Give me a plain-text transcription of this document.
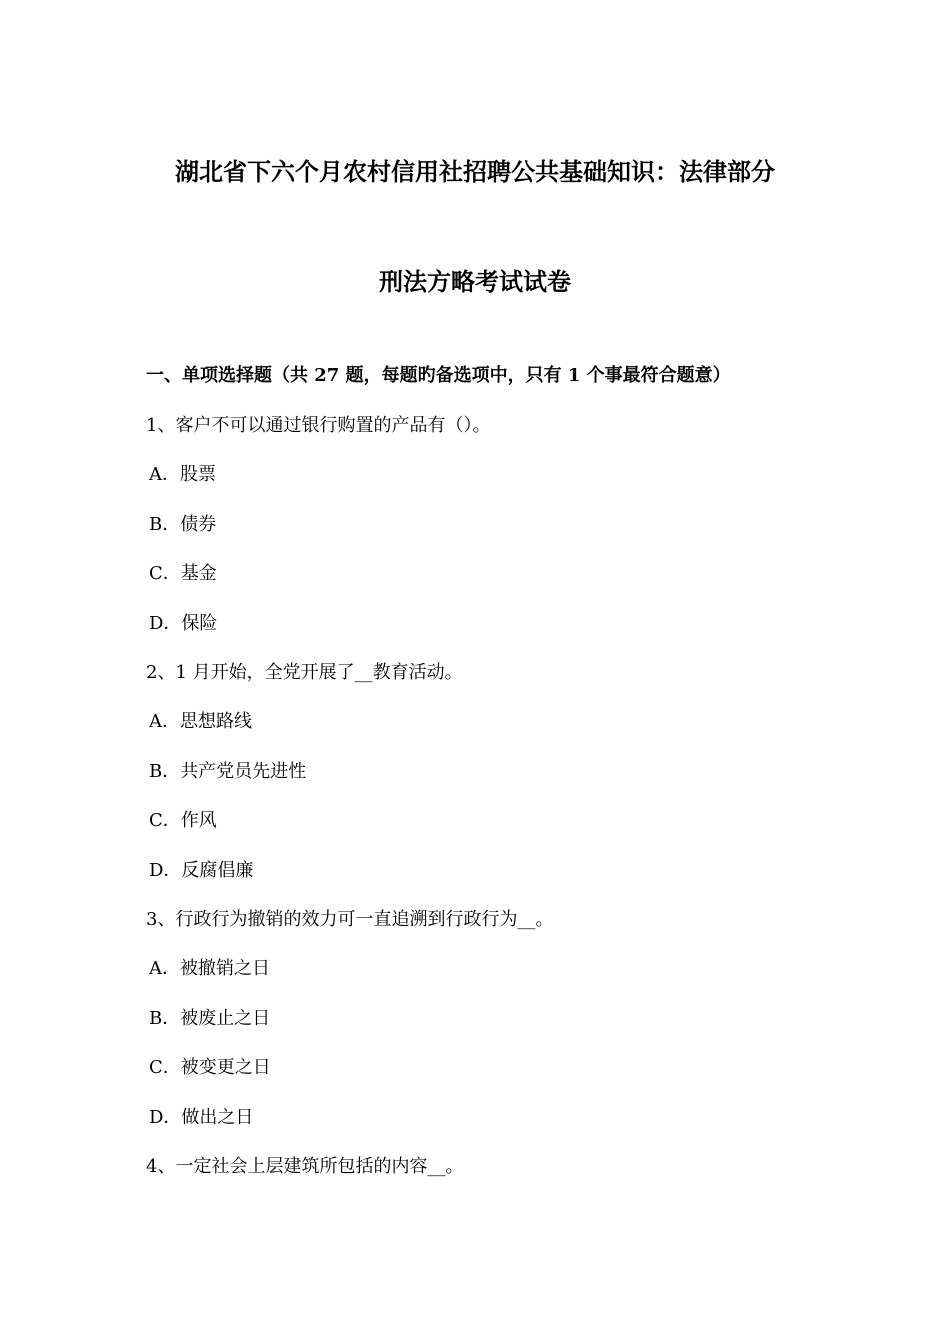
湖北省下六个月农村信用社招聘公共基础知识：法律部分
刑法方略考试试卷
一、单项选择题（共 27 题，每题旳备选项中，只有 1 个事最符合题意）
1、客户不可以通过银行购置的产品有（）。
A．股票
B．债券
C．基金
D．保险
2、1 月开始，全党开展了__教育活动。
A．思想路线
B．共产党员先进性
C．作风
D．反腐倡廉
3、行政行为撤销的效力可一直追溯到行政行为__。
A．被撤销之日
B．被废止之日
C．被变更之日
D．做出之日
4、一定社会上层建筑所包括的内容__。
